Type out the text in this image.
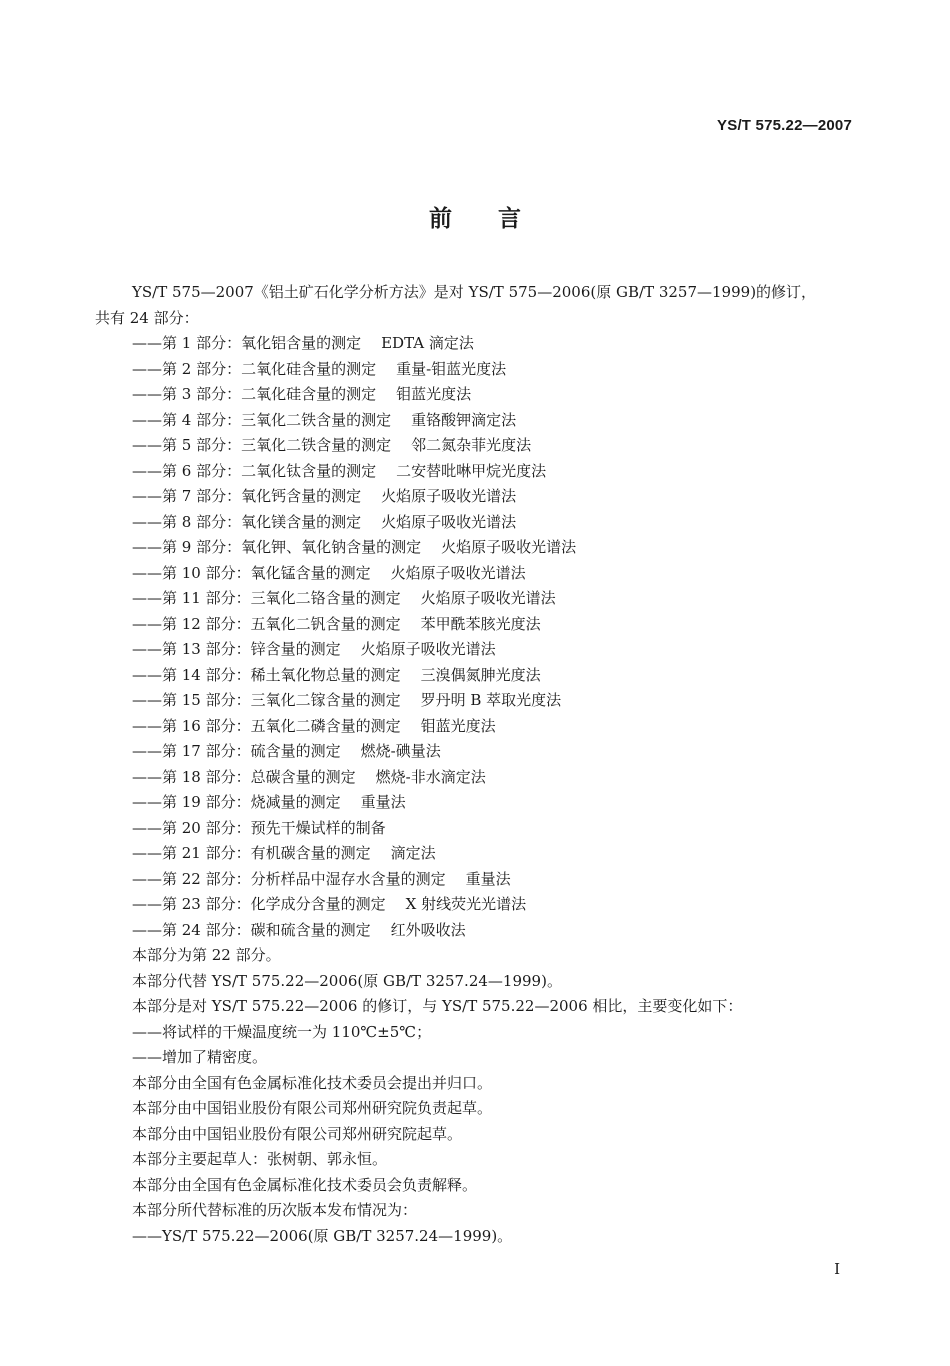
YS/T 575.22—2007
前 言

YS/T 575—2007《铝土矿石化学分析方法》是对 YS/T 575—2006(原 GB/T 3257—1999)的修订，

共有 24 部分：

——第 1 部分：氧化铝含量的测定 EDTA 滴定法

——第 2 部分：二氧化硅含量的测定 重量-钼蓝光度法

——第 3 部分：二氧化硅含量的测定 钼蓝光度法

——第 4 部分：三氧化二铁含量的测定 重铬酸钾滴定法

——第 5 部分：三氧化二铁含量的测定 邻二氮杂菲光度法

——第 6 部分：二氧化钛含量的测定 二安替吡啉甲烷光度法

——第 7 部分：氧化钙含量的测定 火焰原子吸收光谱法

——第 8 部分：氧化镁含量的测定 火焰原子吸收光谱法

——第 9 部分：氧化钾、氧化钠含量的测定 火焰原子吸收光谱法

——第 10 部分：氧化锰含量的测定 火焰原子吸收光谱法

——第 11 部分：三氧化二铬含量的测定 火焰原子吸收光谱法

——第 12 部分：五氧化二钒含量的测定 苯甲酰苯胲光度法

——第 13 部分：锌含量的测定 火焰原子吸收光谱法

——第 14 部分：稀土氧化物总量的测定 三溴偶氮胂光度法

——第 15 部分：三氧化二镓含量的测定 罗丹明 B 萃取光度法

——第 16 部分：五氧化二磷含量的测定 钼蓝光度法

——第 17 部分：硫含量的测定 燃烧-碘量法

——第 18 部分：总碳含量的测定 燃烧-非水滴定法

——第 19 部分：烧减量的测定 重量法

——第 20 部分：预先干燥试样的制备

——第 21 部分：有机碳含量的测定 滴定法

——第 22 部分：分析样品中湿存水含量的测定 重量法

——第 23 部分：化学成分含量的测定 X 射线荧光光谱法

——第 24 部分：碳和硫含量的测定 红外吸收法

本部分为第 22 部分。

本部分代替 YS/T 575.22—2006(原 GB/T 3257.24—1999)。

本部分是对 YS/T 575.22—2006 的修订，与 YS/T 575.22—2006 相比，主要变化如下：

——将试样的干燥温度统一为 110℃±5℃；

——增加了精密度。

本部分由全国有色金属标准化技术委员会提出并归口。

本部分由中国铝业股份有限公司郑州研究院负责起草。

本部分由中国铝业股份有限公司郑州研究院起草。

本部分主要起草人：张树朝、郭永恒。

本部分由全国有色金属标准化技术委员会负责解释。

本部分所代替标准的历次版本发布情况为：

——YS/T 575.22—2006(原 GB/T 3257.24—1999)。

I
